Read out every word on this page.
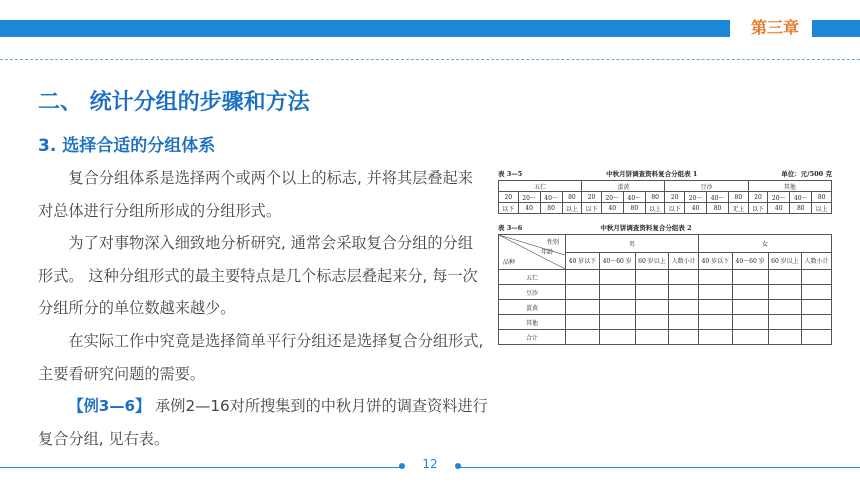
第三章
二、 统计分组的步骤和方法
3. 选择合适的分组体系

复合分组体系是选择两个或两个以上的标志, 并将其层叠起来对总体进行分组所形成的分组形式。

为了对事物深入细致地分析研究, 通常会采取复合分组的分组形式。 这种分组形式的最主要特点是几个标志层叠起来分, 每一次分组所分的单位数越来越少。

在实际工作中究竟是选择简单平行分组还是选择复合分组形式, 主要看研究问题的需要。

【例3—6】 承例2—16对所搜集到的中秋月饼的调查资料进行复合分组, 见右表。

表 3—5	中秋月饼调查资料复合分组表 1	单位：元/500 克
五仁				蛋黄				豆沙				其他			
20	20～	40～	80	20	20～	40～	80	20	20～	40～	80	20	20～	40～	80
以下	40	80	以上	以下	40	80	以上	以下	40	80	无上	以下	40	80	以上
表 3—6	中秋月饼调查资料复合分组表 2
性别
年龄
品种	男				女			
	40 岁以下	40～60 岁	60 岁以上	人数小计	40 岁以下	40～60 岁	60 岁以上	人数小计
五仁								
豆沙								
蛋黄								
其他								
合计								
12
